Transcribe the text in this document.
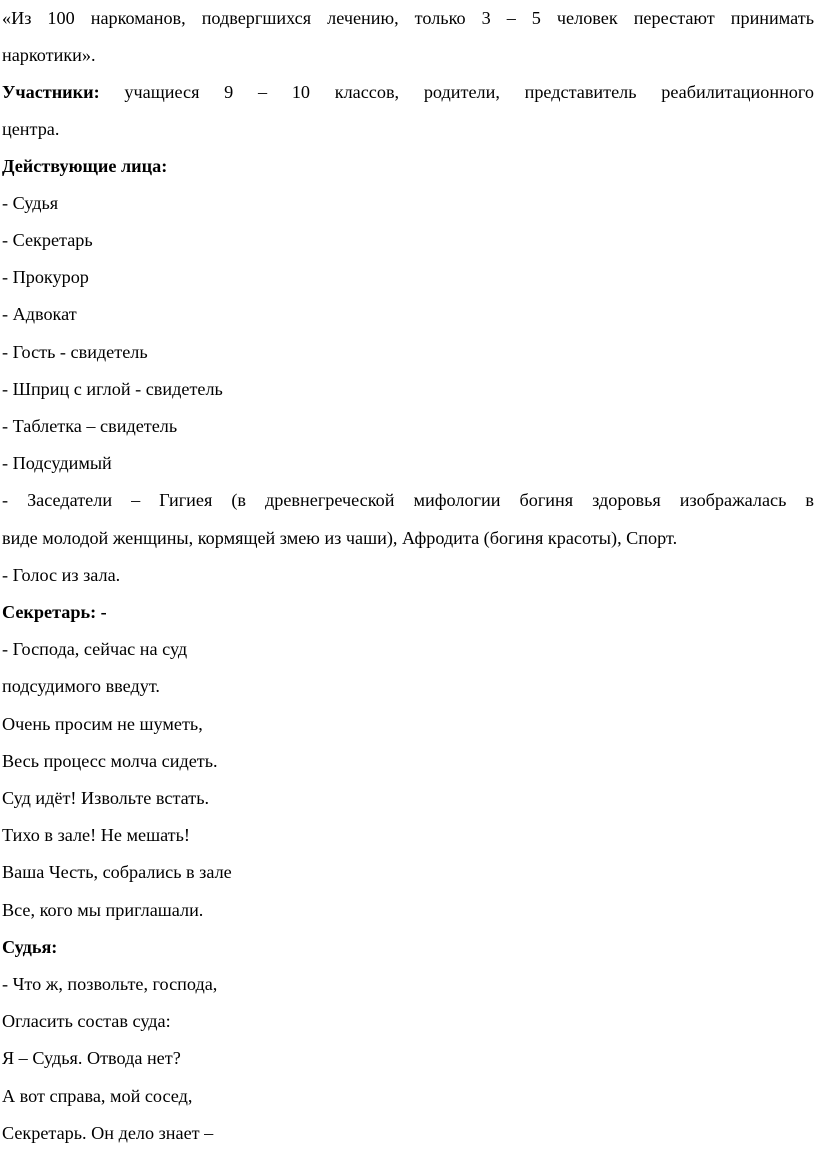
«Из 100 наркоманов, подвергшихся лечению, только 3 – 5 человек перестают принимать
наркотики».
Участники: учащиеся 9 – 10 классов, родители, представитель реабилитационного
центра.
Действующие лица:
- Судья
- Секретарь
- Прокурор
- Адвокат
- Гость - свидетель
- Шприц с иглой - свидетель
- Таблетка – свидетель
- Подсудимый
- Заседатели – Гигиея (в древнегреческой мифологии богиня здоровья изображалась в
виде молодой женщины, кормящей змею из чаши), Афродита (богиня красоты), Спорт.
- Голос из зала.
Секретарь: -
- Господа, сейчас на суд
подсудимого введут.
Очень просим не шуметь,
Весь процесс молча сидеть.
Суд идёт! Извольте встать.
Тихо в зале! Не мешать!
Ваша Честь, собрались в зале
Все, кого мы приглашали.
Судья:
- Что ж, позвольте, господа,
Огласить состав суда:
Я – Судья. Отвода нет?
А вот справа, мой сосед,
Секретарь. Он дело знает –
